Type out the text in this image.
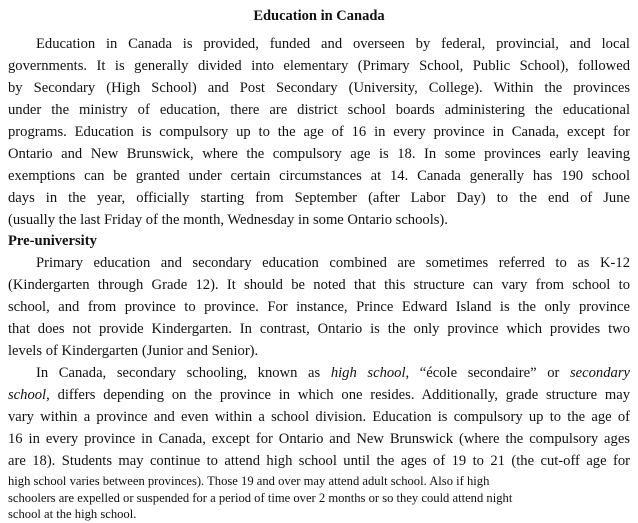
Education in Canada

Education in Canada is provided, funded and overseen by federal, provincial, and local

governments. It is generally divided into elementary (Primary School, Public School), followed

by Secondary (High School) and Post Secondary (University, College). Within the provinces

under the ministry of education, there are district school boards administering the educational

programs. Education is compulsory up to the age of 16 in every province in Canada, except for

Ontario and New Brunswick, where the compulsory age is 18. In some provinces early leaving

exemptions can be granted under certain circumstances at 14. Canada generally has 190 school

days in the year, officially starting from September (after Labor Day) to the end of June

(usually the last Friday of the month, Wednesday in some Ontario schools).

Pre-university

Primary education and secondary education combined are sometimes referred to as K-12

(Kindergarten through Grade 12). It should be noted that this structure can vary from school to

school, and from province to province. For instance, Prince Edward Island is the only province

that does not provide Kindergarten. In contrast, Ontario is the only province which provides two

levels of Kindergarten (Junior and Senior).

In Canada, secondary schooling, known as high school, “école secondaire” or secondary

school, differs depending on the province in which one resides. Additionally, grade structure may

vary within a province and even within a school division. Education is compulsory up to the age of

16 in every province in Canada, except for Ontario and New Brunswick (where the compulsory ages

are 18). Students may continue to attend high school until the ages of 19 to 21 (the cut-off age for

high school varies between provinces). Those 19 and over may attend adult school. Also if high

schoolers are expelled or suspended for a period of time over 2 months or so they could attend night

school at the high school.
